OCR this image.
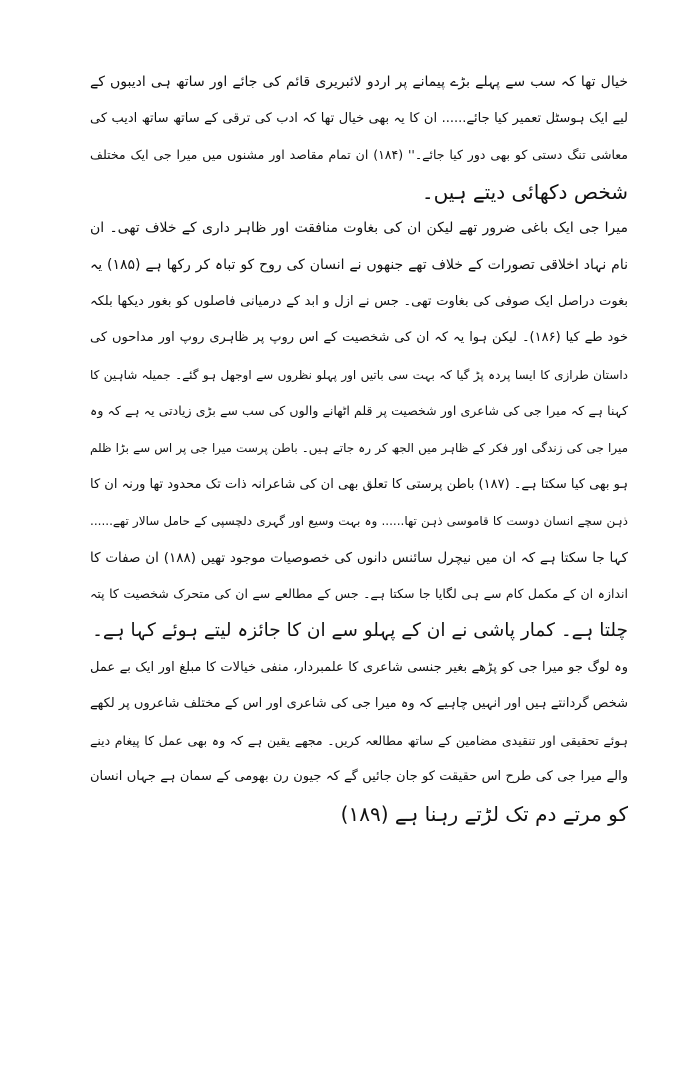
خیال تھا کہ سب سے پہلے بڑے پیمانے پر اردو لائبریری قائم کی جائے اور ساتھ ہی ادیبوں کے
لیے ایک ہوسٹل تعمیر کیا جائے...... ان کا یہ بھی خیال تھا کہ ادب کی ترقی کے ساتھ ساتھ ادیب کی
معاشی تنگ دستی کو بھی دور کیا جائے۔'' (۱۸۴) ان تمام مقاصد اور مشنوں میں میرا جی ایک مختلف
شخص دکھائی دیتے ہیں۔
میرا جی ایک باغی ضرور تھے لیکن ان کی بغاوت منافقت اور ظاہر داری کے خلاف تھی۔ ان
نام نہاد اخلاقی تصورات کے خلاف تھے جنھوں نے انسان کی روح کو تباہ کر رکھا ہے (۱۸۵) یہ
بغوت دراصل ایک صوفی کی بغاوت تھی۔ جس نے ازل و ابد کے درمیانی فاصلوں کو بغور دیکھا بلکہ
خود طے کیا (۱۸۶)۔ لیکن ہوا یہ کہ ان کی شخصیت کے اس روپ پر ظاہری روپ اور مداحوں کی
داستان طرازی کا ایسا پردہ پڑ گیا کہ بہت سی باتیں اور پہلو نظروں سے اوجھل ہو گئے۔ جمیلہ شاہین کا
کہنا ہے کہ میرا جی کی شاعری اور شخصیت پر قلم اٹھانے والوں کی سب سے بڑی زیادتی یہ ہے کہ وہ
میرا جی کی زندگی اور فکر کے ظاہر میں الجھ کر رہ جاتے ہیں۔ باطن پرست میرا جی پر اس سے بڑا ظلم
ہو بھی کیا سکتا ہے۔ (۱۸۷) باطن پرستی کا تعلق بھی ان کی شاعرانہ ذات تک محدود تھا ورنہ ان کا
ذہن سچے انسان دوست کا قاموسی ذہن تھا...... وہ بہت وسیع اور گہری دلچسپی کے حامل سالار تھے......
کہا جا سکتا ہے کہ ان میں نیچرل سائنس دانوں کی خصوصیات موجود تھیں (۱۸۸) ان صفات کا
اندازہ ان کے مکمل کام سے ہی لگایا جا سکتا ہے۔ جس کے مطالعے سے ان کی متحرک شخصیت کا پتہ
چلتا ہے۔ کمار پاشی نے ان کے پہلو سے ان کا جائزہ لیتے ہوئے کہا ہے۔
وہ لوگ جو میرا جی کو پڑھے بغیر جنسی شاعری کا علمبردار، منفی خیالات کا مبلغ اور ایک بے عمل
شخص گردانتے ہیں اور انہیں چاہیے کہ وہ میرا جی کی شاعری اور اس کے مختلف شاعروں پر لکھے
ہوئے تحقیقی اور تنقیدی مضامین کے ساتھ مطالعہ کریں۔ مجھے یقین ہے کہ وہ بھی عمل کا پیغام دینے
والے میرا جی کی طرح اس حقیقت کو جان جائیں گے کہ جیون رن بھومی کے سمان ہے جہاں انسان
کو مرتے دم تک لڑتے رہنا ہے (۱۸۹)
